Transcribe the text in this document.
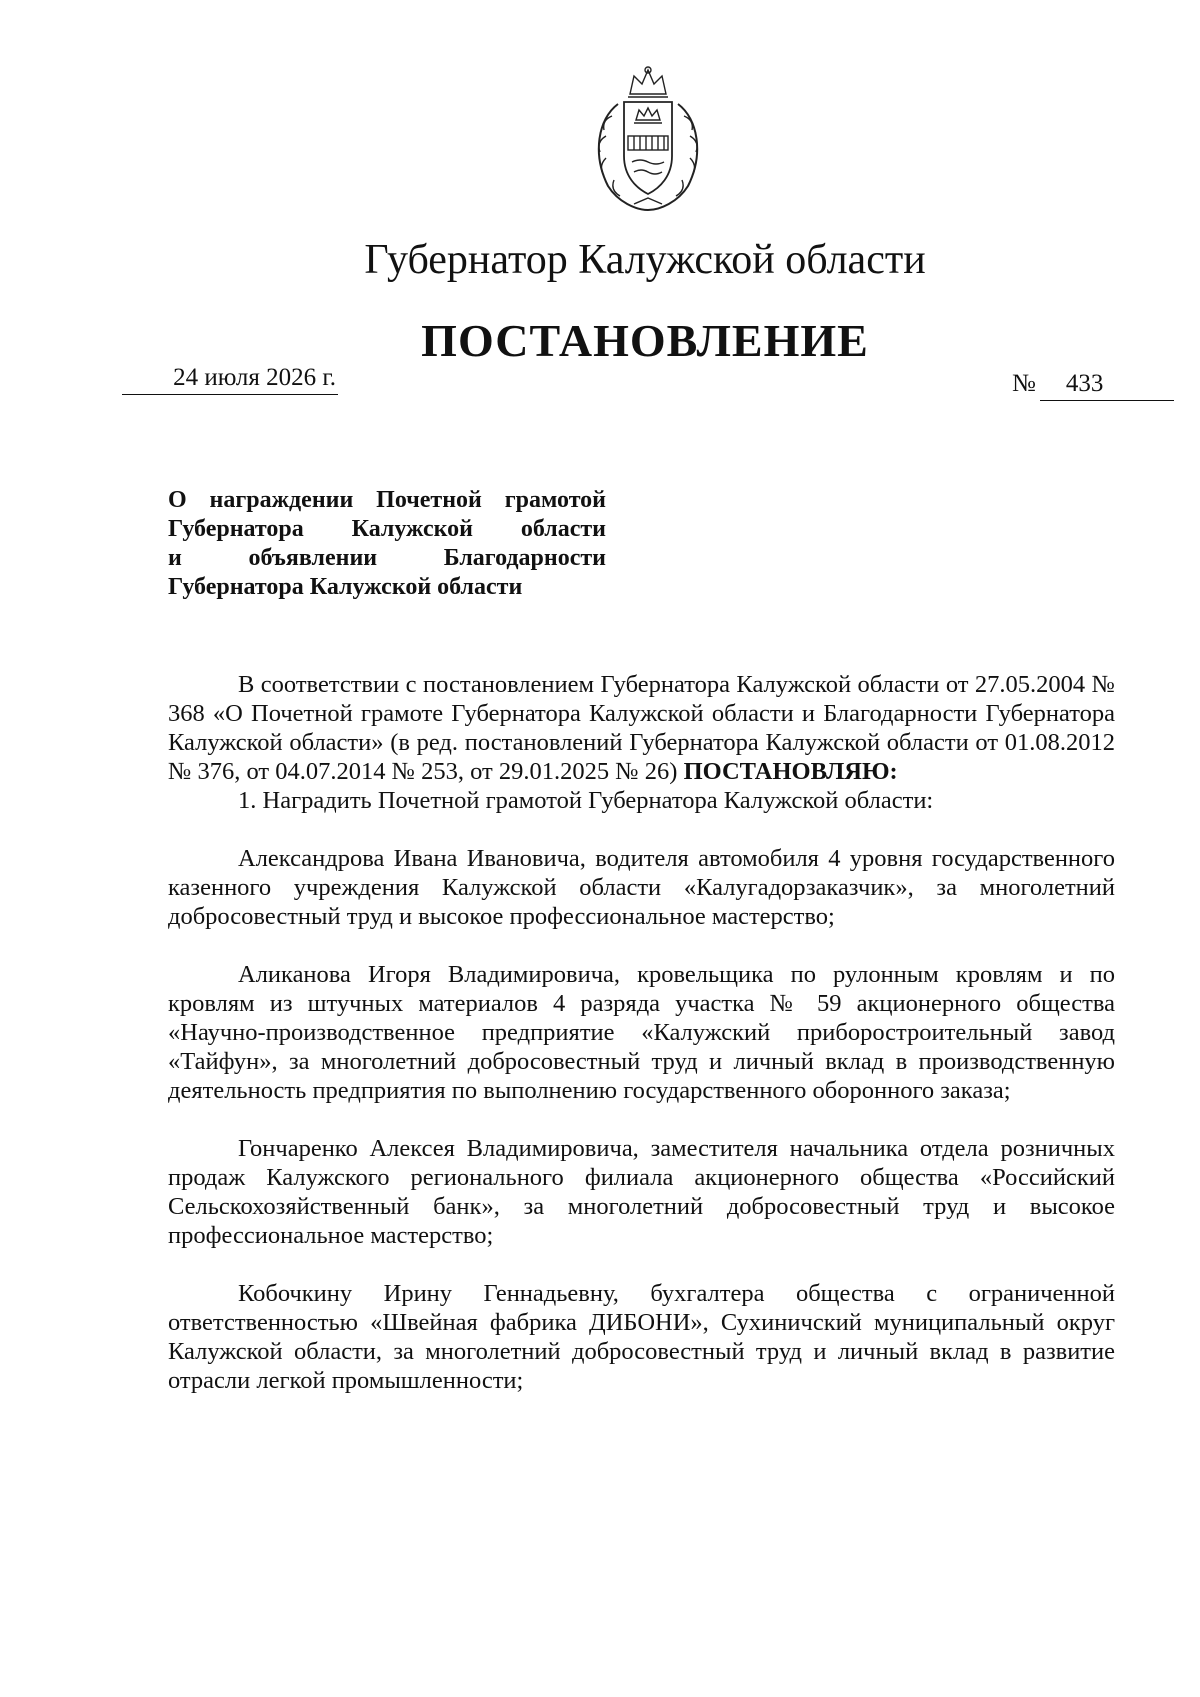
Губернатор Калужской области
ПОСТАНОВЛЕНИЕ
24 июля 2026 г.	№	433
О награждении Почетной грамотой
Губернатора Калужской области
и объявлении Благодарности
Губернатора Калужской области

В соответствии с постановлением Губернатора Калужской области от 27.05.2004 № 368 «О Почетной грамоте Губернатора Калужской области и Благодарности Губернатора Калужской области» (в ред. постановлений Губернатора Калужской области от 01.08.2012 № 376, от 04.07.2014 № 253, от 29.01.2025 № 26) ПОСТАНОВЛЯЮ:

1. Наградить Почетной грамотой Губернатора Калужской области:

Александрова Ивана Ивановича, водителя автомобиля 4 уровня государственного казенного учреждения Калужской области «Калугадорзаказчик», за многолетний добросовестный труд и высокое профессиональное мастерство;

Аликанова Игоря Владимировича, кровельщика по рулонным кровлям и по кровлям из штучных материалов 4 разряда участка № 59 акционерного общества «Научно-производственное предприятие «Калужский приборостроительный завод «Тайфун», за многолетний добросовестный труд и личный вклад в производственную деятельность предприятия по выполнению государственного оборонного заказа;

Гончаренко Алексея Владимировича, заместителя начальника отдела розничных продаж Калужского регионального филиала акционерного общества «Российский Сельскохозяйственный банк», за многолетний добросовестный труд и высокое профессиональное мастерство;

Кобочкину Ирину Геннадьевну, бухгалтера общества с ограниченной ответственностью «Швейная фабрика ДИБОНИ», Сухиничский муниципальный округ Калужской области, за многолетний добросовестный труд и личный вклад в развитие отрасли легкой промышленности;
